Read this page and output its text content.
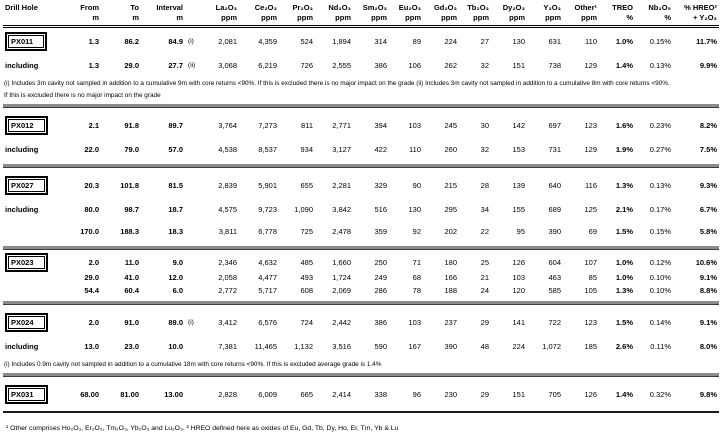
Drill Hole	From	To	Interval		La₂O₃	Ce₂O₃	Pr₂O₃	Nd₂O₃	Sm₂O₃	Eu₂O₃	Gd₂O₃	Tb₂O₃	Dy₂O₃	Y₂O₃	Other¹	TREO	Nb₂O₅	% HREO²
	m	m	m		ppm	ppm	ppm	ppm	ppm	ppm	ppm	ppm	ppm	ppm	ppm	%	%	+ Y₂O₃
PX011	1.3	86.2	84.9	(i)	2,081	4,359	524	1,894	314	89	224	27	130	631	110	1.0%	0.15%	11.7%
including	1.3	29.0	27.7	(ii)	3,068	6,219	726	2,555	386	106	262	32	151	738	129	1.4%	0.13%	9.9%
(i) Includes 3m cavity not sampled in addition to a cumulative 9m with core returns <90%. If this is excluded there is no major impact on the grade (ii) Includes 3m cavity not sampled in addition to a cumulative 8m with core returns <90%.																		
If this is excluded there is no major impact on the grade																		

PX012	2.1	91.8	89.7		3,764	7,273	811	2,771	394	103	245	30	142	697	123	1.6%	0.23%	8.2%
including	22.0	79.0	57.0		4,538	8,537	934	3,127	422	110	260	32	153	731	129	1.9%	0.27%	7.5%

PX027	20.3	101.8	81.5		2,839	5,901	655	2,281	329	90	215	28	139	640	116	1.3%	0.13%	9.3%
including	80.0	98.7	18.7		4,575	9,723	1,090	3,842	516	130	295	34	155	689	125	2.1%	0.17%	6.7%
	170.0	188.3	18.3		3,811	6,778	725	2,478	359	92	202	22	95	390	69	1.5%	0.15%	5.8%

PX023	2.0	11.0	9.0		2,346	4,632	485	1,660	250	71	180	25	126	604	107	1.0%	0.12%	10.6%
	29.0	41.0	12.0		2,058	4,477	493	1,724	249	68	166	21	103	463	85	1.0%	0.10%	9.1%
	54.4	60.4	6.0		2,772	5,717	608	2,069	286	78	188	24	120	585	105	1.3%	0.10%	8.8%

PX024	2.0	91.0	89.0	(i)	3,412	6,576	724	2,442	386	103	237	29	141	722	123	1.5%	0.14%	9.1%
including	13.0	23.0	10.0		7,381	11,465	1,132	3,516	590	167	390	48	224	1,072	185	2.6%	0.11%	8.0%
(i) Includes 0.9m cavity not sampled in addition to a cumulative 18m with core returns <90%. If this is excluded average grade is 1.4%																		

PX031	68.00	81.00	13.00		2,828	6,009	665	2,414	338	96	230	29	151	705	126	1.4%	0.32%	9.8%

¹ Other comprises Ho₂O₃, Er₂O₃, Tm₂O₃, Yb₂O₃ and Lu₂O₃. ² HREO defined here as oxides of Eu, Gd, Tb, Dy, Ho, Er, Tm, Yb & Lu
